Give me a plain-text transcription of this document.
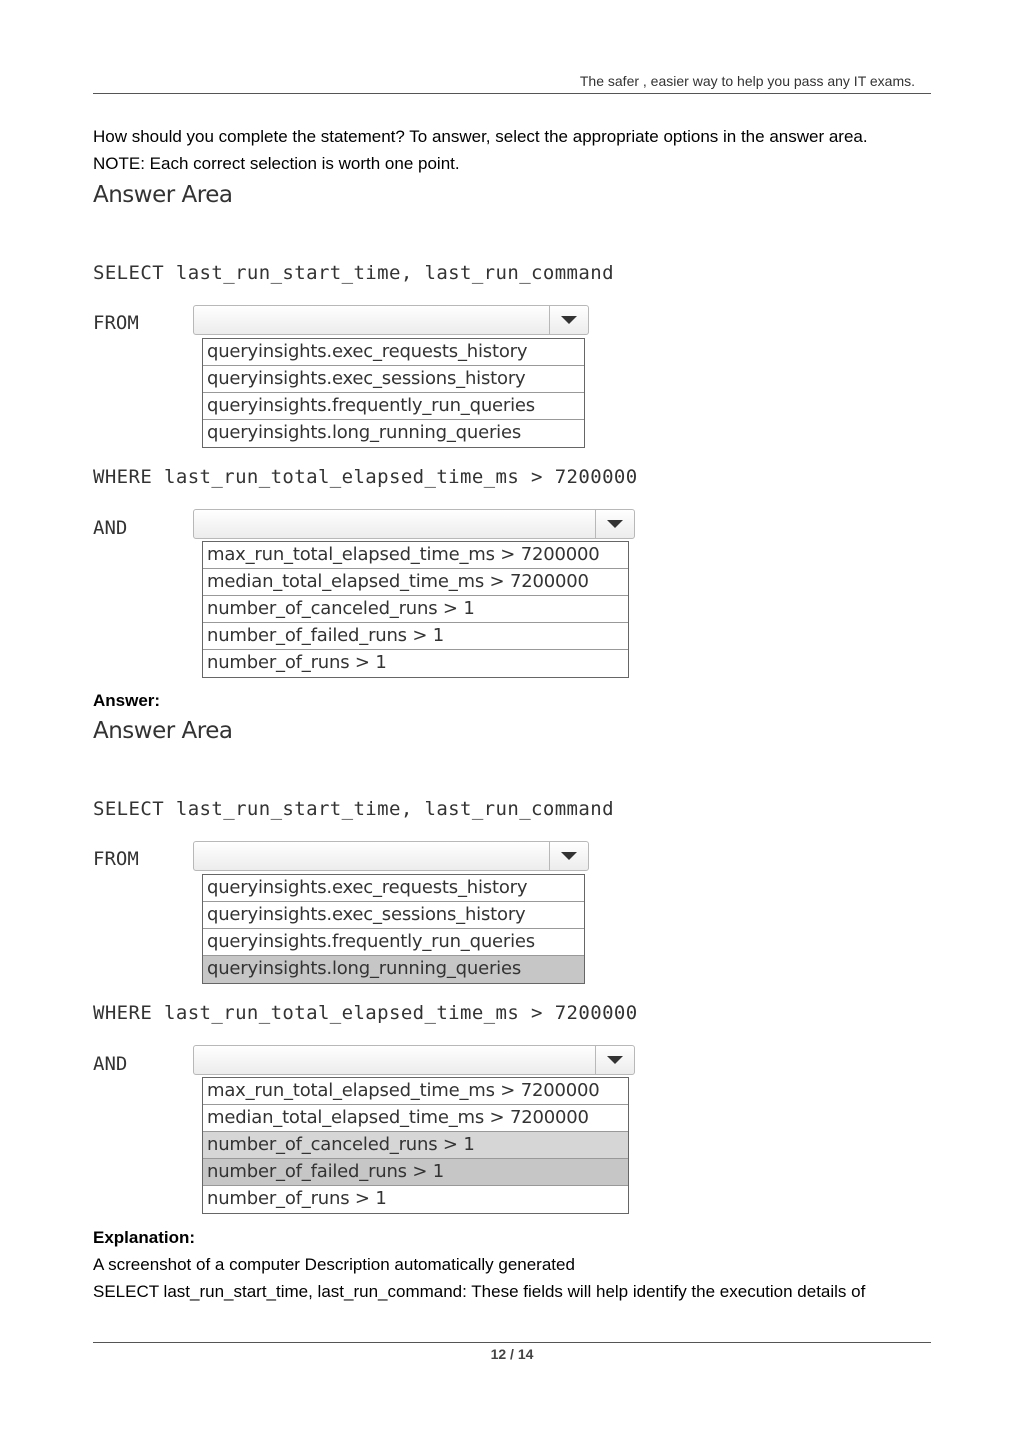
The safer , easier way to help you pass any IT exams.
How should you complete the statement? To answer, select the appropriate options in the answer area.
NOTE: Each correct selection is worth one point.
Answer Area
SELECT last_run_start_time, last_run_command
FROM
queryinsights.exec_requests_history
queryinsights.exec_sessions_history
queryinsights.frequently_run_queries
queryinsights.long_running_queries
WHERE last_run_total_elapsed_time_ms > 7200000
AND
max_run_total_elapsed_time_ms > 7200000
median_total_elapsed_time_ms > 7200000
number_of_canceled_runs > 1
number_of_failed_runs > 1
number_of_runs > 1
Answer:
Answer Area
SELECT last_run_start_time, last_run_command
FROM
queryinsights.exec_requests_history
queryinsights.exec_sessions_history
queryinsights.frequently_run_queries
queryinsights.long_running_queries
WHERE last_run_total_elapsed_time_ms > 7200000
AND
max_run_total_elapsed_time_ms > 7200000
median_total_elapsed_time_ms > 7200000
number_of_canceled_runs > 1
number_of_failed_runs > 1
number_of_runs > 1
Explanation:
A screenshot of a computer Description automatically generated
SELECT last_run_start_time, last_run_command: These fields will help identify the execution details of
12 / 14
